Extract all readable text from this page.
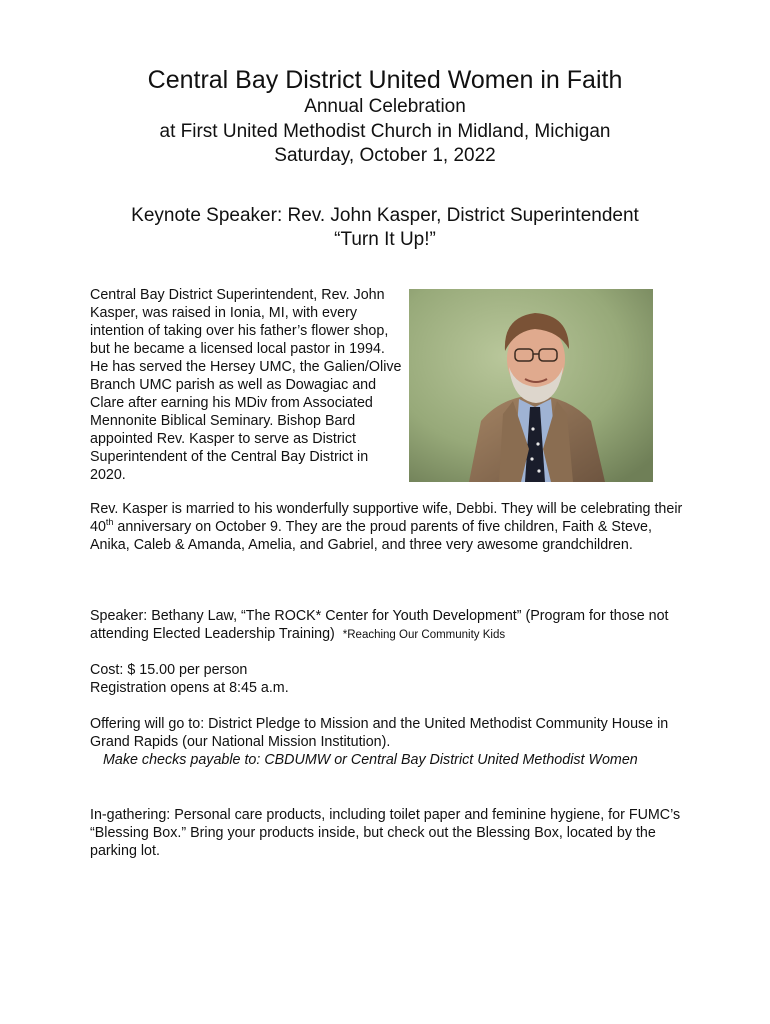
Central Bay District United Women in Faith
Annual Celebration
at First United Methodist Church in Midland, Michigan
Saturday, October 1, 2022
Keynote Speaker: Rev. John Kasper, District Superintendent
“Turn It Up!”
Central Bay District Superintendent, Rev. John Kasper, was raised in Ionia, MI, with every intention of taking over his father’s flower shop, but he became a licensed local pastor in 1994. He has served the Hersey UMC, the Galien/Olive Branch UMC parish as well as Dowagiac and Clare after earning his MDiv from Associated Mennonite Biblical Seminary. Bishop Bard appointed Rev. Kasper to serve as District Superintendent of the Central Bay District in 2020.
Rev. Kasper is married to his wonderfully supportive wife, Debbi. They will be celebrating their 40th anniversary on October 9. They are the proud parents of five children, Faith & Steve, Anika, Caleb & Amanda, Amelia, and Gabriel, and three very awesome grandchildren.
Speaker: Bethany Law, “The ROCK* Center for Youth Development” (Program for those not attending Elected Leadership Training) *Reaching Our Community Kids
Cost: $ 15.00 per person
Registration opens at 8:45 a.m.
Offering will go to: District Pledge to Mission and the United Methodist Community House in Grand Rapids (our National Mission Institution).
Make checks payable to: CBDUMW or Central Bay District United Methodist Women
In-gathering: Personal care products, including toilet paper and feminine hygiene, for FUMC’s “Blessing Box.” Bring your products inside, but check out the Blessing Box, located by the parking lot.
